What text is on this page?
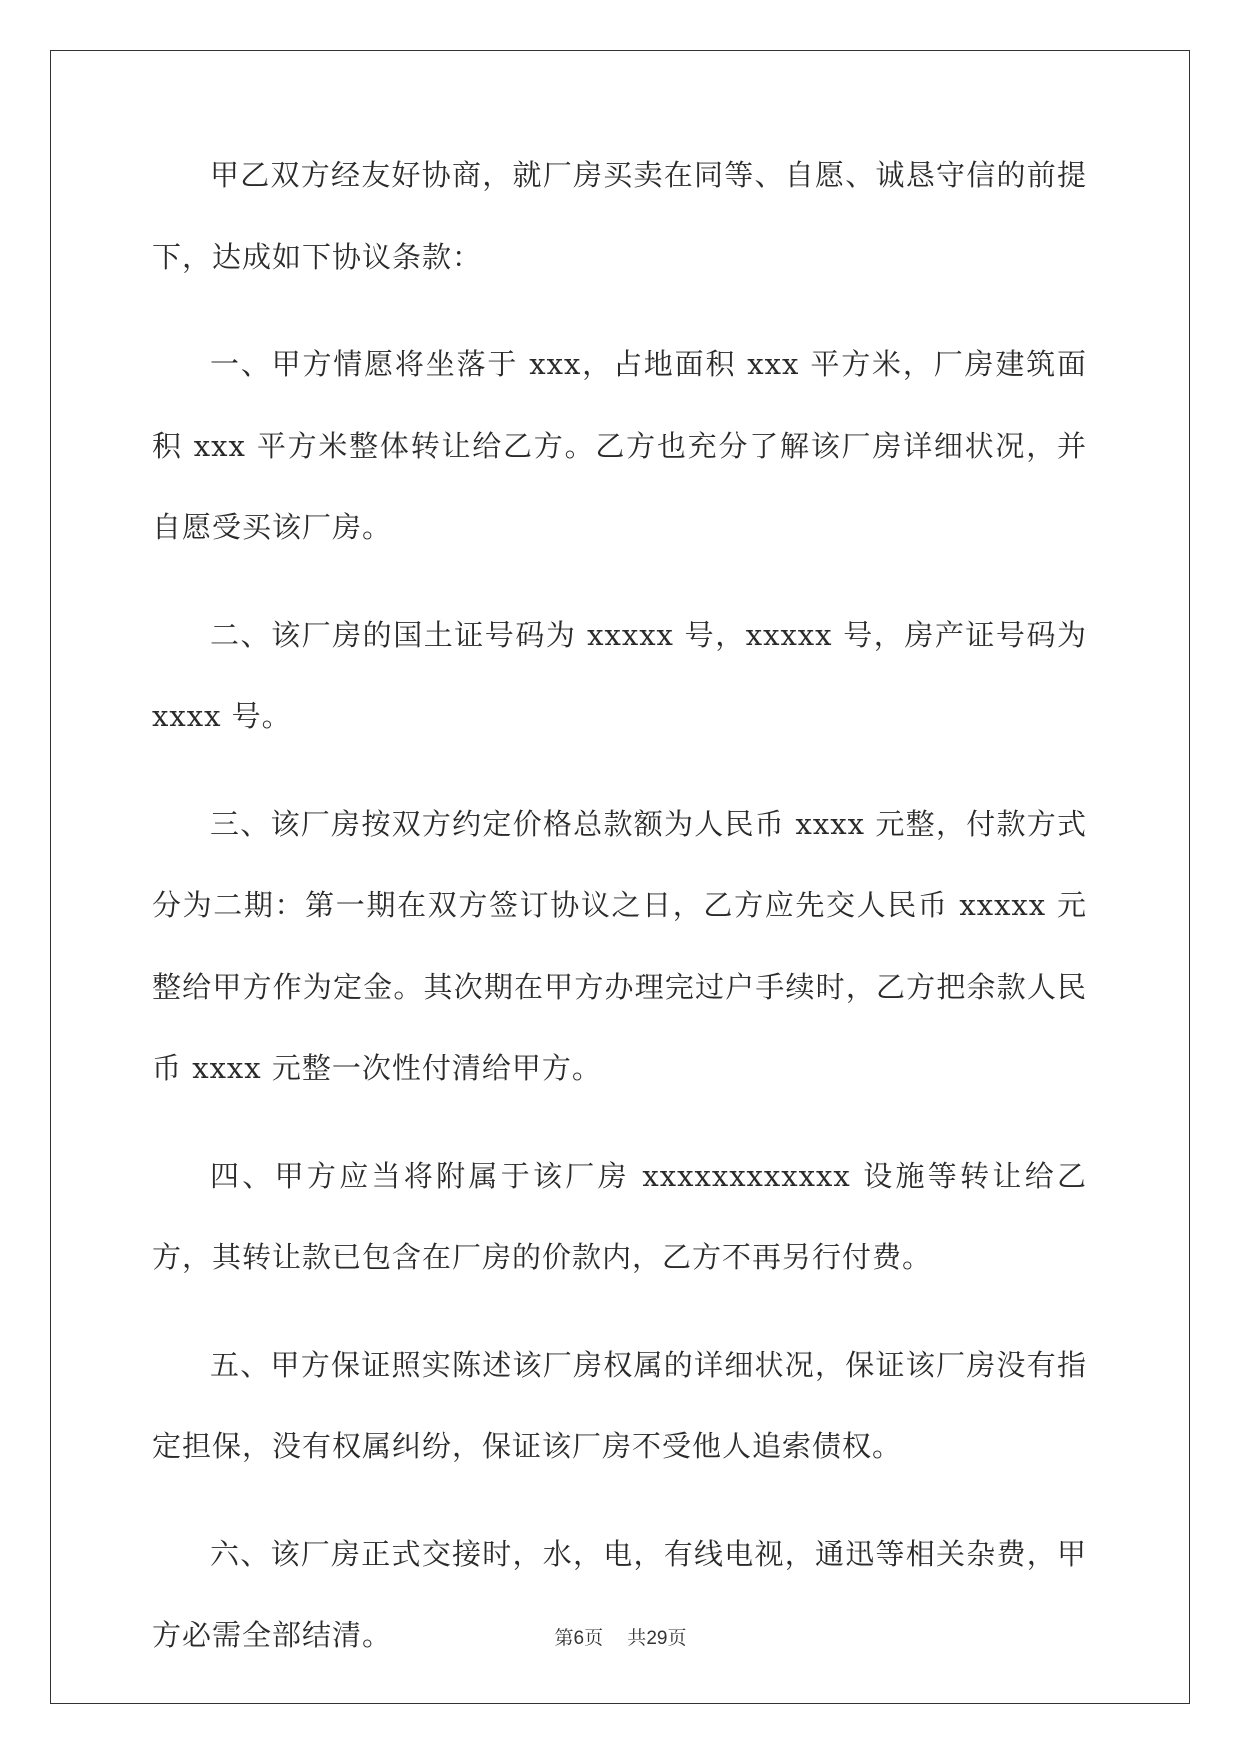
甲乙双方经友好协商，就厂房买卖在同等、自愿、诚恳守信的前提下，达成如下协议条款：

一、甲方情愿将坐落于 xxx，占地面积 xxx 平方米，厂房建筑面积 xxx 平方米整体转让给乙方。乙方也充分了解该厂房详细状况，并自愿受买该厂房。

二、该厂房的国土证号码为 xxxxx 号，xxxxx 号，房产证号码为 xxxx 号。

三、该厂房按双方约定价格总款额为人民币 xxxx 元整，付款方式分为二期：第一期在双方签订协议之日，乙方应先交人民币 xxxxx 元整给甲方作为定金。其次期在甲方办理完过户手续时，乙方把余款人民币 xxxx 元整一次性付清给甲方。

四、甲方应当将附属于该厂房 xxxxxxxxxxxx 设施等转让给乙方，其转让款已包含在厂房的价款内，乙方不再另行付费。

五、甲方保证照实陈述该厂房权属的详细状况，保证该厂房没有指定担保，没有权属纠纷，保证该厂房不受他人追索债权。

六、该厂房正式交接时，水，电，有线电视，通迅等相关杂费，甲方必需全部结清。	第6页 共29页
